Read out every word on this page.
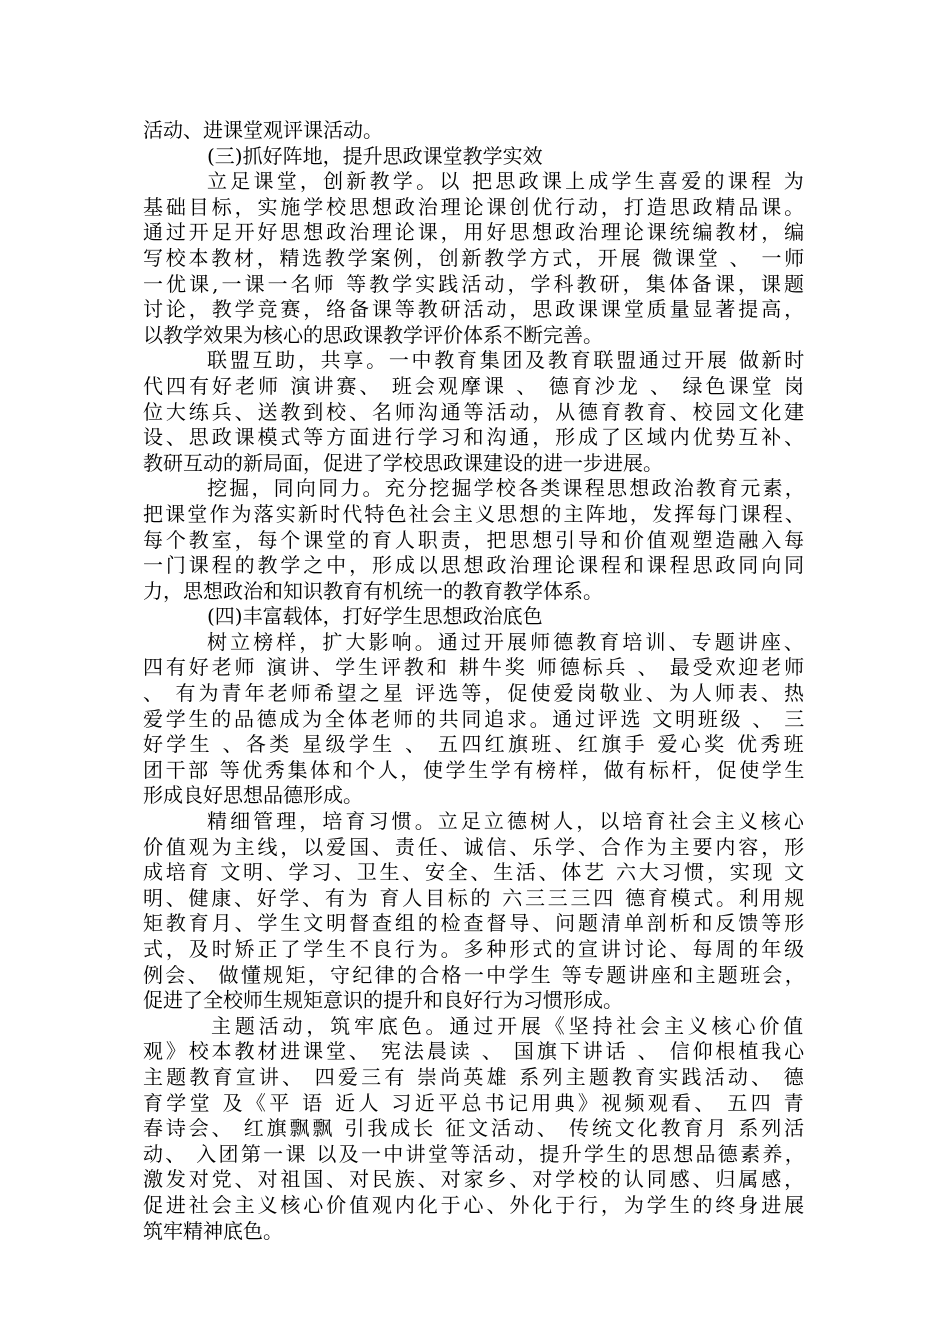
活动、进课堂观评课活动。
(三)抓好阵地，提升思政课堂教学实效
立足课堂，创新教学。以 把思政课上成学生喜爱的课程 为
基础目标，实施学校思想政治理论课创优行动，打造思政精品课。
通过开足开好思想政治理论课，用好思想政治理论课统编教材，编
写校本教材，精选教学案例，创新教学方式，开展 微课堂 、 一师
一优课,一课一名师 等教学实践活动，学科教研，集体备课，课题
讨论，教学竞赛，络备课等教研活动，思政课课堂质量显著提高，
以教学效果为核心的思政课教学评价体系不断完善。
联盟互助，共享。一中教育集团及教育联盟通过开展 做新时
代四有好老师 演讲赛、 班会观摩课 、 德育沙龙 、 绿色课堂 岗
位大练兵、送教到校、名师沟通等活动，从德育教育、校园文化建
设、思政课模式等方面进行学习和沟通，形成了区域内优势互补、
教研互动的新局面，促进了学校思政课建设的进一步进展。
挖掘，同向同力。充分挖掘学校各类课程思想政治教育元素，
把课堂作为落实新时代特色社会主义思想的主阵地，发挥每门课程、
每个教室，每个课堂的育人职责，把思想引导和价值观塑造融入每
一门课程的教学之中，形成以思想政治理论课程和课程思政同向同
力，思想政治和知识教育有机统一的教育教学体系。
(四)丰富载体，打好学生思想政治底色
树立榜样，扩大影响。通过开展师德教育培训、专题讲座、
四有好老师 演讲、学生评教和 耕牛奖 师德标兵 、 最受欢迎老师
、 有为青年老师希望之星 评选等，促使爱岗敬业、为人师表、热
爱学生的品德成为全体老师的共同追求。通过评选 文明班级 、 三
好学生 、各类 星级学生 、 五四红旗班、红旗手 爱心奖 优秀班
团干部 等优秀集体和个人，使学生学有榜样，做有标杆，促使学生
形成良好思想品德形成。
精细管理，培育习惯。立足立德树人，以培育社会主义核心
价值观为主线，以爱国、责任、诚信、乐学、合作为主要内容，形
成培育 文明、学习、卫生、安全、生活、体艺 六大习惯，实现 文
明、健康、好学、有为 育人目标的 六三三三四 德育模式。利用规
矩教育月、学生文明督查组的检查督导、问题清单剖析和反馈等形
式，及时矫正了学生不良行为。多种形式的宣讲讨论、每周的年级
例会、 做懂规矩，守纪律的合格一中学生 等专题讲座和主题班会，
促进了全校师生规矩意识的提升和良好行为习惯形成。
主题活动，筑牢底色。通过开展《坚持社会主义核心价值
观》校本教材进课堂、 宪法晨读 、 国旗下讲话 、 信仰根植我心
主题教育宣讲、 四爱三有 崇尚英雄 系列主题教育实践活动、 德
育学堂 及《平 语 近人 习近平总书记用典》视频观看、 五四 青
春诗会、 红旗飘飘 引我成长 征文活动、 传统文化教育月 系列活
动、 入团第一课 以及一中讲堂等活动，提升学生的思想品德素养，
激发对党、对祖国、对民族、对家乡、对学校的认同感、归属感，
促进社会主义核心价值观内化于心、外化于行，为学生的终身进展
筑牢精神底色。
